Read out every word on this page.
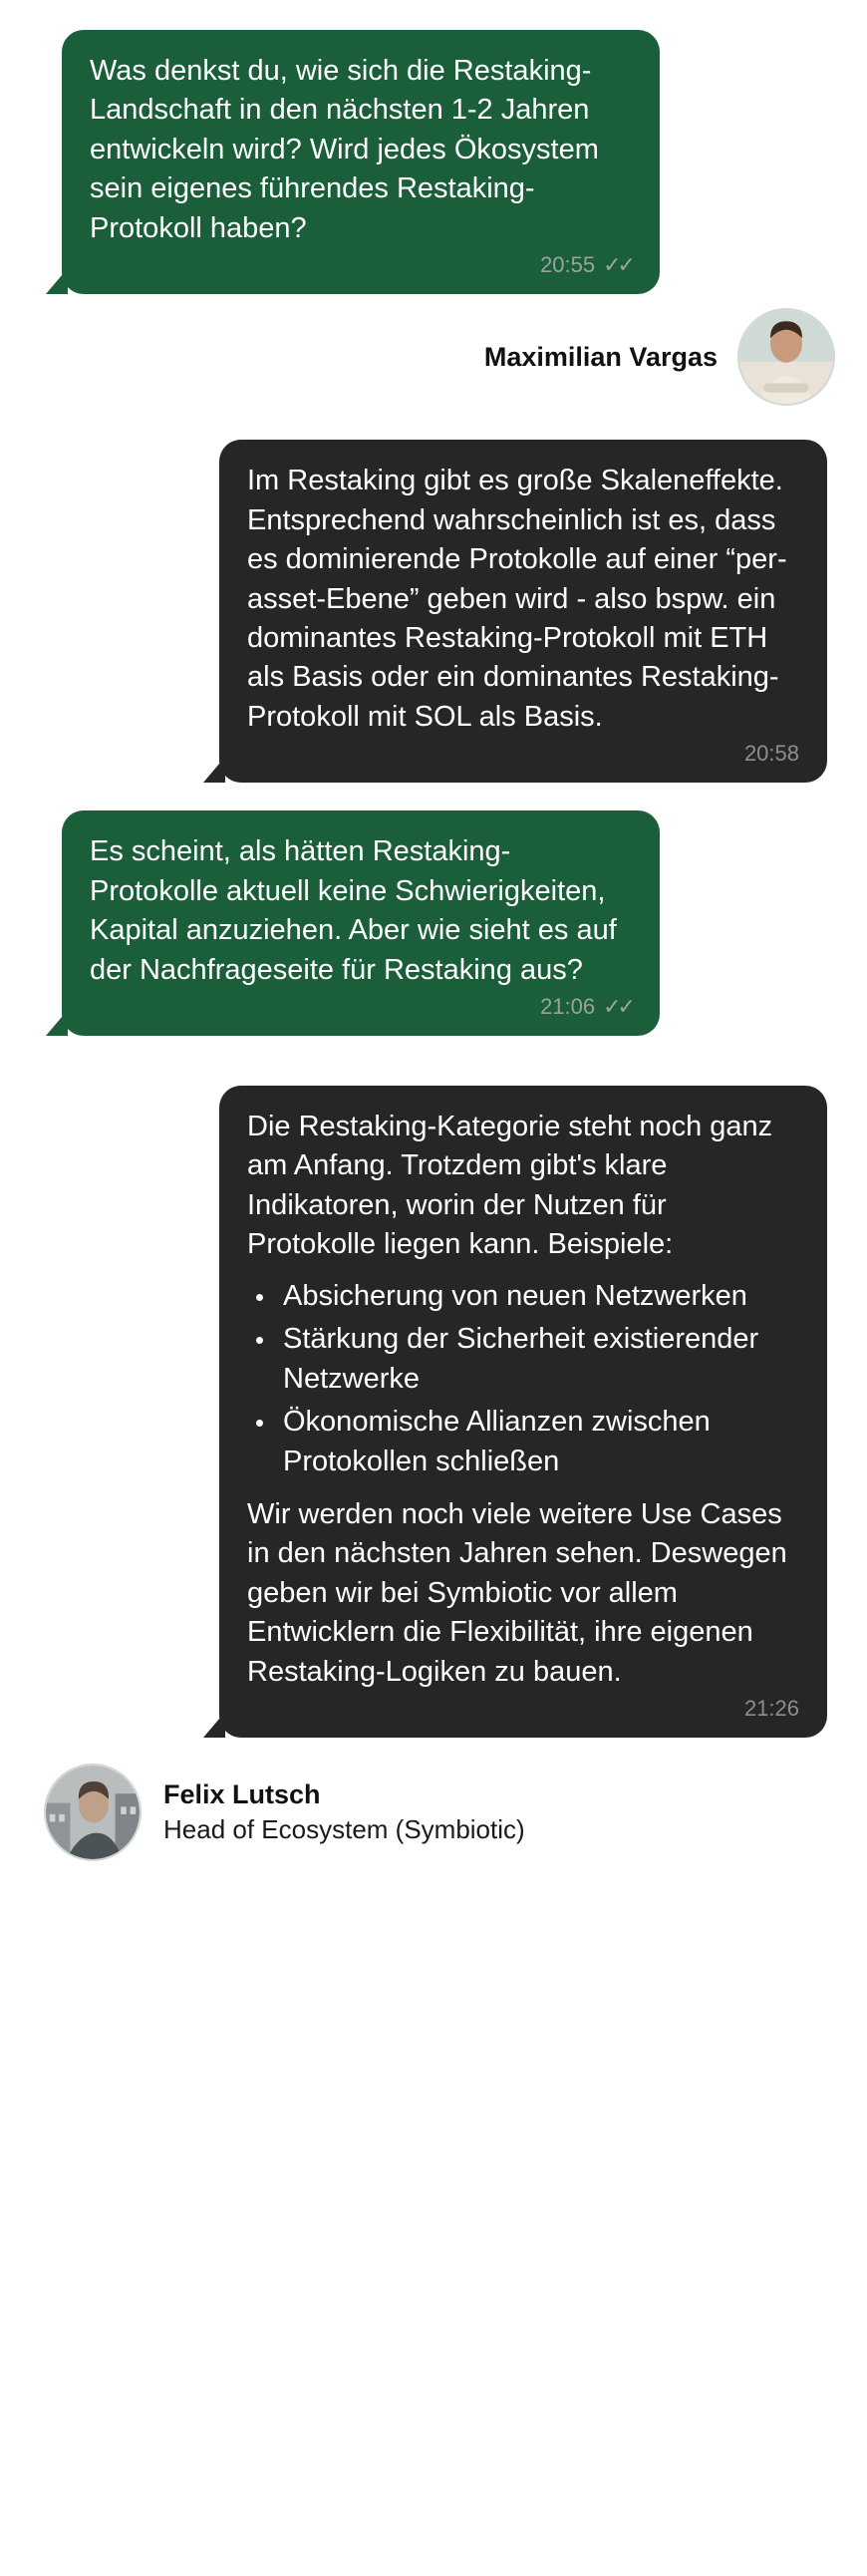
Was denkst du, wie sich die Restaking-Landschaft in den nächsten 1-2 Jahren entwickeln wird? Wird jedes Ökosystem sein eigenes führendes Restaking-Protokoll haben?
20:55 ✓✓
Maximilian Vargas
Im Restaking gibt es große Skaleneffekte. Entsprechend wahrscheinlich ist es, dass es dominierende Protokolle auf einer “per-asset-Ebene” geben wird - also bspw. ein dominantes Restaking-Protokoll mit ETH als Basis oder ein dominantes Restaking-Protokoll mit SOL als Basis.
20:58
Es scheint, als hätten Restaking-Protokolle aktuell keine Schwierigkeiten, Kapital anzuziehen. Aber wie sieht es auf der Nachfrageseite für Restaking aus?
21:06 ✓✓

Die Restaking-Kategorie steht noch ganz am Anfang. Trotzdem gibt's klare Indikatoren, worin der Nutzen für Protokolle liegen kann. Beispiele:

• Absicherung von neuen Netzwerken
• Stärkung der Sicherheit existierender Netzwerke
• Ökonomische Allianzen zwischen Protokollen schließen

Wir werden noch viele weitere Use Cases in den nächsten Jahren sehen. Deswegen geben wir bei Symbiotic vor allem Entwicklern die Flexibilität, ihre eigenen Restaking-Logiken zu bauen.

21:26
Felix Lutsch
Head of Ecosystem (Symbiotic)
